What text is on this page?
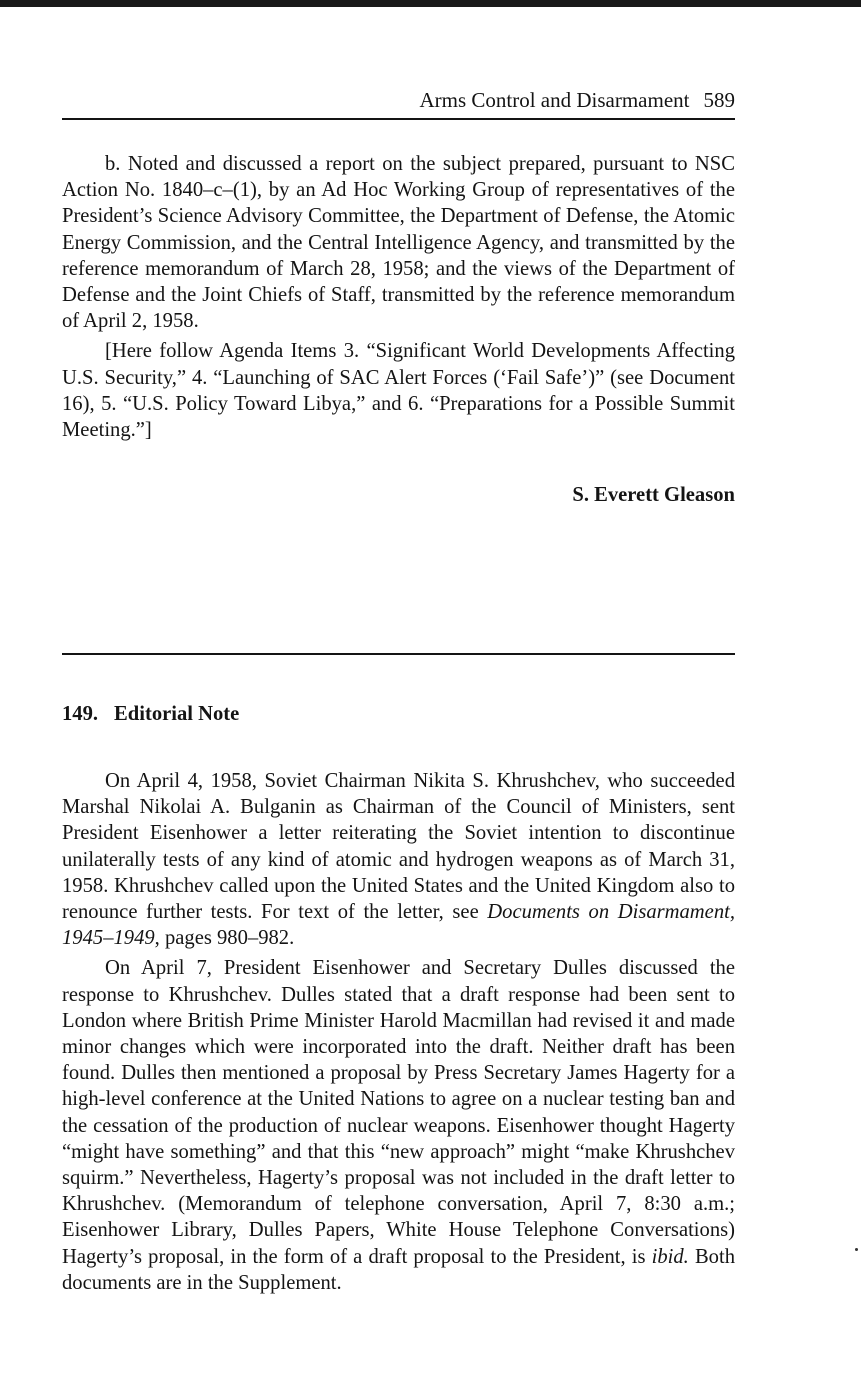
Arms Control and Disarmament 589

b. Noted and discussed a report on the subject prepared, pursuant to NSC Action No. 1840–c–(1), by an Ad Hoc Working Group of representatives of the President’s Science Advisory Committee, the Department of Defense, the Atomic Energy Commission, and the Central Intelligence Agency, and transmitted by the reference memorandum of March 28, 1958; and the views of the Department of Defense and the Joint Chiefs of Staff, transmitted by the reference memorandum of April 2, 1958.

[Here follow Agenda Items 3. “Significant World Developments Affecting U.S. Security,” 4. “Launching of SAC Alert Forces (‘Fail Safe’)” (see Document 16), 5. “U.S. Policy Toward Libya,” and 6. “Preparations for a Possible Summit Meeting.”]

S. Everett Gleason
149. Editorial Note

On April 4, 1958, Soviet Chairman Nikita S. Khrushchev, who succeeded Marshal Nikolai A. Bulganin as Chairman of the Council of Ministers, sent President Eisenhower a letter reiterating the Soviet intention to discontinue unilaterally tests of any kind of atomic and hydrogen weapons as of March 31, 1958. Khrushchev called upon the United States and the United Kingdom also to renounce further tests. For text of the letter, see Documents on Disarmament, 1945–1949, pages 980–982.

On April 7, President Eisenhower and Secretary Dulles discussed the response to Khrushchev. Dulles stated that a draft response had been sent to London where British Prime Minister Harold Macmillan had revised it and made minor changes which were incorporated into the draft. Neither draft has been found. Dulles then mentioned a proposal by Press Secretary James Hagerty for a high-level conference at the United Nations to agree on a nuclear testing ban and the cessation of the production of nuclear weapons. Eisenhower thought Hagerty “might have something” and that this “new approach” might “make Khrushchev squirm.” Nevertheless, Hagerty’s proposal was not included in the draft letter to Khrushchev. (Memorandum of telephone conversation, April 7, 8:30 a.m.; Eisenhower Library, Dulles Papers, White House Telephone Conversations) Hagerty’s proposal, in the form of a draft proposal to the President, is ibid. Both documents are in the Supplement.
